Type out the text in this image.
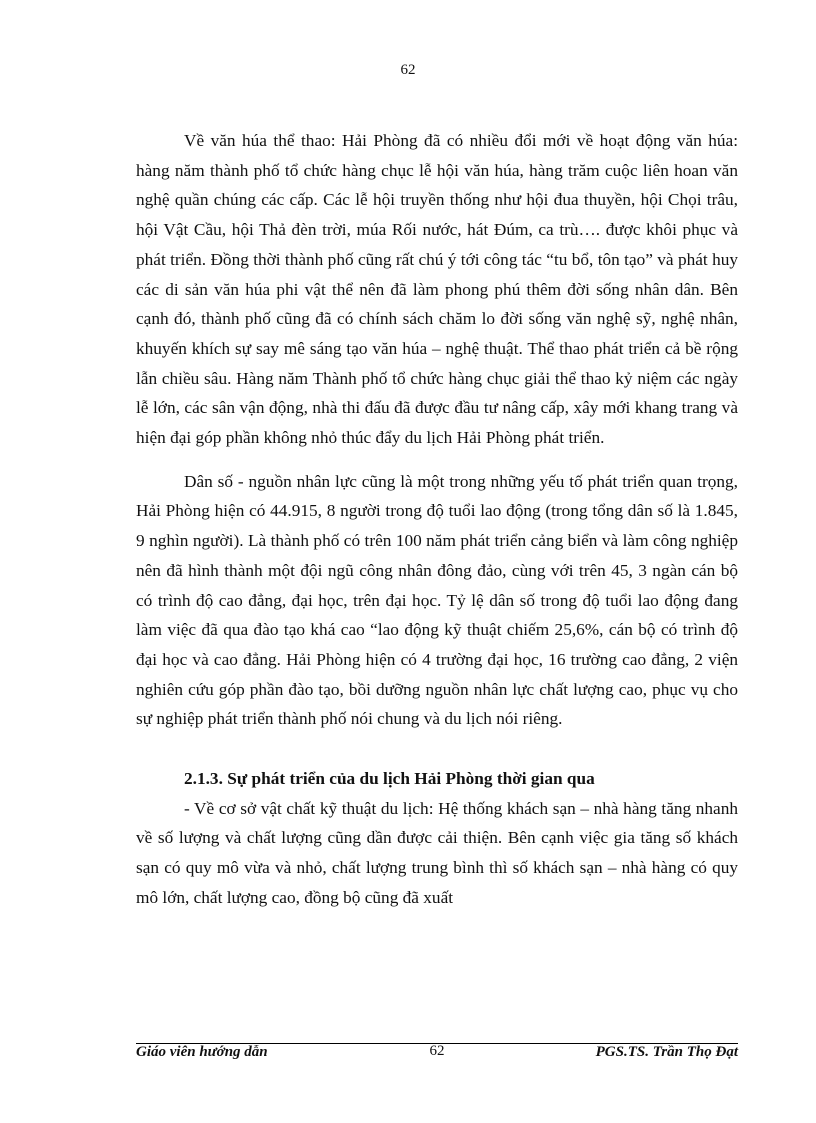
62

Về văn húa thể thao: Hải Phòng đã có nhiều đổi mới về hoạt động văn húa: hàng năm thành phố tổ chức hàng chục lễ hội văn húa, hàng trăm cuộc liên hoan văn nghệ quần chúng các cấp. Các lễ hội truyền thống như hội đua thuyền, hội Chọi trâu, hội Vật Cầu, hội Thả đèn trời, múa Rối nước, hát Đúm, ca trù…. được khôi phục và phát triển. Đồng thời thành phố cũng rất chú ý tới công tác “tu bổ, tôn tạo” và phát huy các di sản văn húa phi vật thể nên đã làm phong phú thêm đời sống nhân dân. Bên cạnh đó, thành phố cũng đã có chính sách chăm lo đời sống văn nghệ sỹ, nghệ nhân, khuyến khích sự say mê sáng tạo văn húa – nghệ thuật. Thể thao phát triển cả bề rộng lẫn chiều sâu. Hàng năm Thành phố tổ chức hàng chục giải thể thao kỷ niệm các ngày lễ lớn, các sân vận động, nhà thi đấu đã được đầu tư nâng cấp, xây mới khang trang và hiện đại góp phần không nhỏ thúc đẩy du lịch Hải Phòng phát triển.

Dân số - nguồn nhân lực cũng là một trong những yếu tố phát triển quan trọng, Hải Phòng hiện có 44.915, 8 người trong độ tuổi lao động (trong tổng dân số là 1.845, 9 nghìn người). Là thành phố có trên 100 năm phát triển cảng biển và làm công nghiệp nên đã hình thành một đội ngũ công nhân đông đảo, cùng với trên 45, 3 ngàn cán bộ có trình độ cao đẳng, đại học, trên đại học. Tỷ lệ dân số trong độ tuổi lao động đang làm việc đã qua đào tạo khá cao “lao động kỹ thuật chiếm 25,6%, cán bộ có trình độ đại học và cao đẳng. Hải Phòng hiện có 4 trường đại học, 16 trường cao đẳng, 2 viện nghiên cứu góp phần đào tạo, bồi dưỡng nguồn nhân lực chất lượng cao, phục vụ cho sự nghiệp phát triển thành phố nói chung và du lịch nói riêng.

2.1.3. Sự phát triển của du lịch Hải Phòng thời gian qua

- Về cơ sở vật chất kỹ thuật du lịch: Hệ thống khách sạn – nhà hàng tăng nhanh về số lượng và chất lượng cũng dần được cải thiện. Bên cạnh việc gia tăng số khách sạn có quy mô vừa và nhỏ, chất lượng trung bình thì số khách sạn – nhà hàng có quy mô lớn, chất lượng cao, đồng bộ cũng đã xuất

Giáo viên hướng dẫn	62	PGS.TS. Trần Thọ Đạt
